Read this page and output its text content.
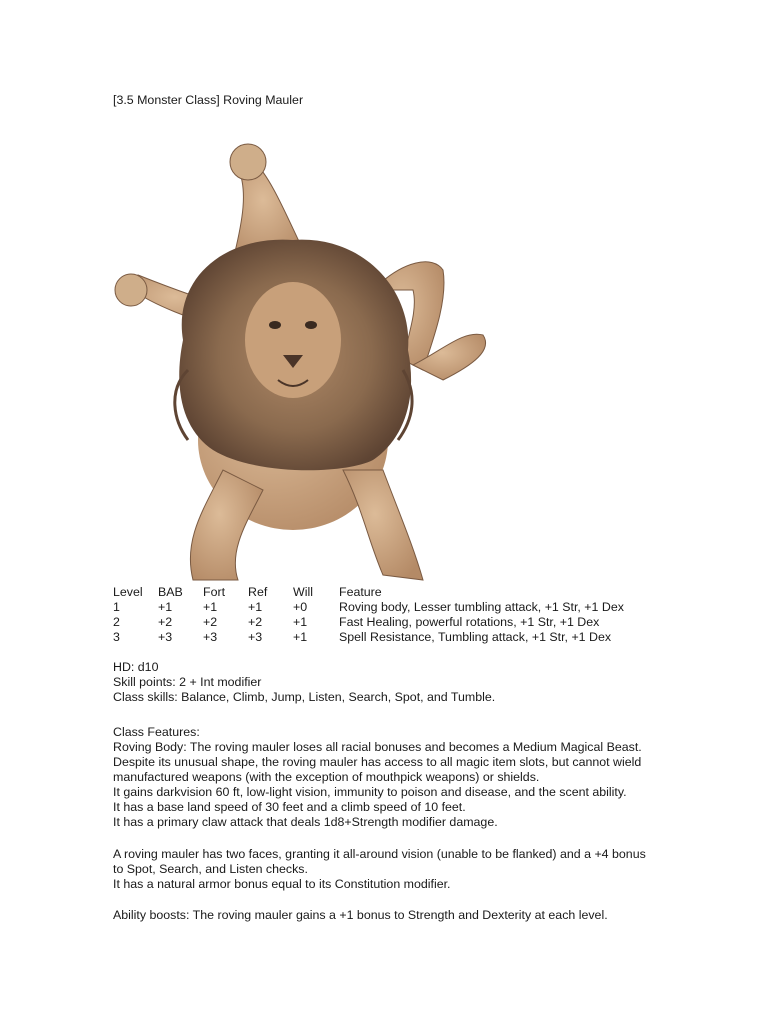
[3.5 Monster Class] Roving Mauler
Level	BAB	Fort	Ref	Will	Feature
1	+1	+1	+1	+0	Roving body, Lesser tumbling attack, +1 Str, +1 Dex
2	+2	+2	+2	+1	Fast Healing, powerful rotations, +1 Str, +1 Dex
3	+3	+3	+3	+1	Spell Resistance, Tumbling attack, +1 Str, +1 Dex

HD: d10

Skill points: 2 + Int modifier

Class skills: Balance, Climb, Jump, Listen, Search, Spot, and Tumble.

Class Features:

Roving Body: The roving mauler loses all racial bonuses and becomes a Medium Magical Beast.

Despite its unusual shape, the roving mauler has access to all magic item slots, but cannot wield

manufactured weapons (with the exception of mouthpick weapons) or shields.

It gains darkvision 60 ft, low-light vision, immunity to poison and disease, and the scent ability.

It has a base land speed of 30 feet and a climb speed of 10 feet.

It has a primary claw attack that deals 1d8+Strength modifier damage.

A roving mauler has two faces, granting it all-around vision (unable to be flanked) and a +4 bonus

to Spot, Search, and Listen checks.

It has a natural armor bonus equal to its Constitution modifier.

Ability boosts: The roving mauler gains a +1 bonus to Strength and Dexterity at each level.
